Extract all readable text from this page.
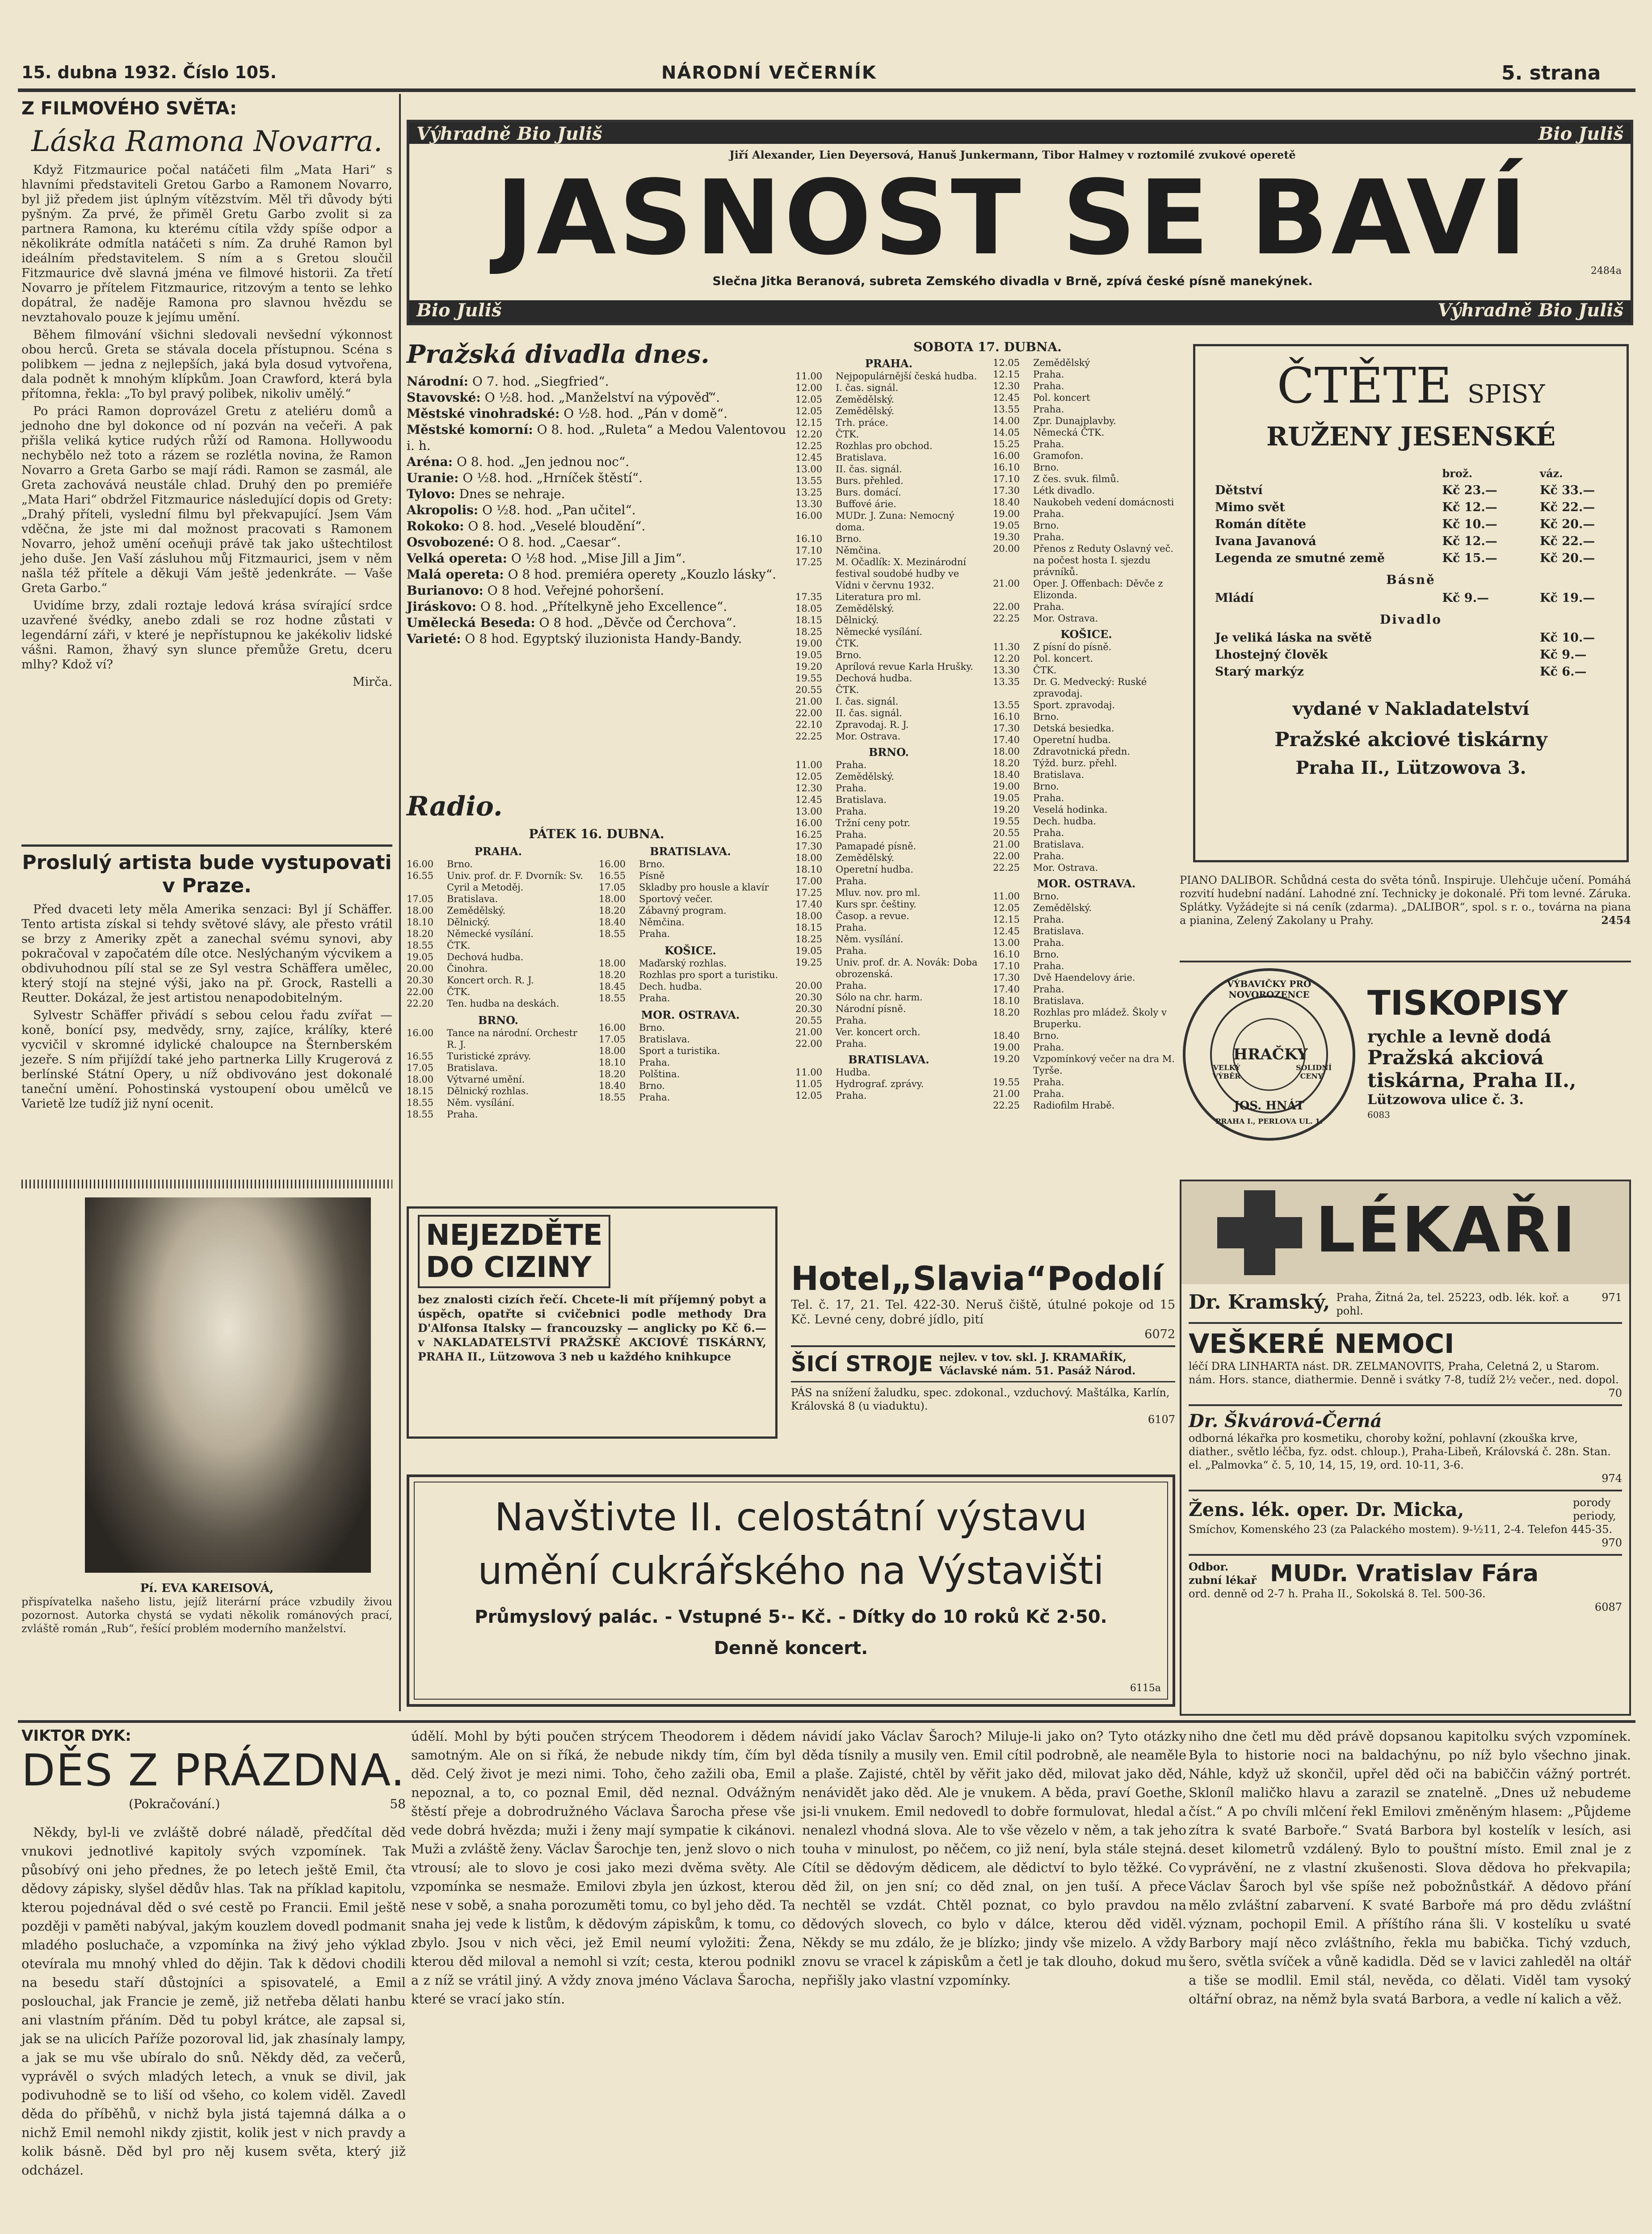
15. dubna 1932. Číslo 105.	NÁRODNÍ VEČERNÍK	5. strana
Z FILMOVÉHO SVĚTA:
Láska Ramona Novarra.

Když Fitzmaurice počal natáčeti film „Mata Hari“ s hlavními představiteli Gretou Garbo a Ramonem Novarro, byl již předem jist úplným vítězstvím. Měl tři důvody býti pyšným. Za prvé, že přiměl Gretu Garbo zvolit si za partnera Ramona, ku kterému cítila vždy spíše odpor a několikráte odmítla natáčeti s ním. Za druhé Ramon byl ideálním představitelem. S ním a s Gretou sloučil Fitzmaurice dvě slavná jména ve filmové historii. Za třetí Novarro je přítelem Fitzmaurice, ritzovým a tento se lehko dopátral, že naděje Ramona pro slavnou hvězdu se nevztahovalo pouze k jejímu umění.

Během filmování všichni sledovali nevšední výkonnost obou herců. Greta se stávala docela přístupnou. Scéna s polibkem — jedna z nejlepších, jaká byla dosud vytvořena, dala podnět k mnohým klípkům. Joan Crawford, která byla přítomna, řekla: „To byl pravý polibek, nikoliv umělý.“

Po práci Ramon doprovázel Gretu z ateliéru domů a jednoho dne byl dokonce od ní pozván na večeři. A pak přišla veliká kytice rudých růží od Ramona. Hollywoodu nechybělo než toto a rázem se rozlétla novina, že Ramon Novarro a Greta Garbo se mají rádi. Ramon se zasmál, ale Greta zachovává neustále chlad. Druhý den po premiéře „Mata Hari“ obdržel Fitzmaurice následující dopis od Grety: „Drahý příteli, vyslední filmu byl překvapující. Jsem Vám vděčna, že jste mi dal možnost pracovati s Ramonem Novarro, jehož umění oceňuji právě tak jako uštechtilost jeho duše. Jen Vaší zásluhou můj Fitzmaurici, jsem v něm našla též přítele a děkuji Vám ještě jedenkráte. — Vaše Greta Garbo.“

Uvidíme brzy, zdali roztaje ledová krása svírající srdce uzavřené švédky, anebo zdali se roz hodne zůstati v legendární záři, v které je nepřístupnou ke jakékoliv lidské vášni. Ramon, žhavý syn slunce přemůže Gretu, dceru mlhy? Kdož ví?

Mirča.
Proslulý artista bude vystupovati
v Praze.

Před dvaceti lety měla Amerika senzaci: Byl jí Schäffer. Tento artista získal si tehdy světové slávy, ale přesto vrátil se brzy z Ameriky zpět a zanechal svému synovi, aby pokračoval v započatém díle otce. Neslýchaným výcvikem a obdivuhodnou pílí stal se ze Syl vestra Schäffera umělec, který stojí na stejné výši, jako na př. Grock, Rastelli a Reutter. Dokázal, že jest artistou nenapodobitelným.

Sylvestr Schäffer přivádí s sebou celou řadu zvířat — koně, bonící psy, medvědy, srny, zajíce, králíky, které vycvičil v skromné idylické chaloupce na Šternberském jezeře. S ním přijíždí také jeho partnerka Lilly Krugerová z berlínské Státní Opery, u níž obdivováno jest dokonalé taneční umění. Pohostinská vystoupení obou umělců ve Varietě lze tudíž již nyní ocenit.

Pí. EVA KAREISOVÁ,
přispívatelka našeho listu, jejíž literární práce vzbudily živou pozornost. Autorka chystá se vydati několik románových prací, zvláště román „Rub“, řešící problém moderního manželství.
Výhradně Bio Juliš	Bio Juliš
Jiří Alexander, Lien Deyersová, Hanuš Junkermann, Tibor Halmey v roztomilé zvukové operetě
JASNOST SE BAVÍ
Slečna Jitka Beranová, subreta Zemského divadla v Brně, zpívá české písně manekýnek.
2484a
Bio Juliš	Výhradně Bio Juliš
Pražská divadla dnes.
Národní: O 7. hod. „Siegfried“.
Stavovské: O ½8. hod. „Manželství na výpověď“.
Městské vinohradské: O ½8. hod. „Pán v domě“.
Městské komorní: O 8. hod. „Ruleta“ a Medou Valentovou i. h.
Aréna: O 8. hod. „Jen jednou noc“.
Uranie: O ½8. hod. „Hrníček štěstí“.
Tylovo: Dnes se nehraje.
Akropolis: O ½8. hod. „Pan učitel“.
Rokoko: O 8. hod. „Veselé bloudění“.
Osvobozené: O 8. hod. „Caesar“.
Velká opereta: O ½8 hod. „Mise Jill a Jim“.
Malá opereta: O 8 hod. premiéra operety „Kouzlo lásky“.
Burianovo: O 8 hod. Veřejné pohoršení.
Jiráskovo: O 8. hod. „Přítelkyně jeho Excellence“.
Umělecká Beseda: O 8 hod. „Děvče od Čerchova“.
Varieté: O 8 hod. Egyptský iluzionista Handy-Bandy.
Radio.
PÁTEK 16. DUBNA.
PRAHA.
16.00	Brno.
16.55	Univ. prof. dr. F. Dvorník: Sv. Cyril a Metoděj.
17.05	Bratislava.
18.00	Zemědělský.
18.10	Dělnický.
18.20	Německé vysílání.
18.55	ČTK.
19.05	Dechová hudba.
20.00	Činohra.
20.30	Koncert orch. R. J.
22.00	ČTK.
22.20	Ten. hudba na deskách.
BRNO.
16.00	Tance na národní. Orchestr R. J.
16.55	Turistické zprávy.
17.05	Bratislava.
18.00	Výtvarné umění.
18.15	Dělnický rozhlas.
18.55	Něm. vysílání.
18.55	Praha.
BRATISLAVA.
16.00	Brno.
16.55	Písně
17.05	Skladby pro housle a klavír
18.00	Sportový večer.
18.20	Zábavný program.
18.40	Němčina.
18.55	Praha.
KOŠICE.
18.00	Maďarský rozhlas.
18.20	Rozhlas pro sport a turistiku.
18.45	Dech. hudba.
18.55	Praha.
MOR. OSTRAVA.
16.00	Brno.
17.05	Bratislava.
18.00	Sport a turistika.
18.10	Praha.
18.20	Polština.
18.40	Brno.
18.55	Praha.
SOBOTA 17. DUBNA.
PRAHA.
11.00	Nejpopulárnější česká hudba.
12.00	I. čas. signál.
12.05	Zemědělský.
12.05	Zemědělský.
12.15	Trh. práce.
12.20	ČTK.
12.25	Rozhlas pro obchod.
12.45	Bratislava.
13.00	II. čas. signál.
13.55	Burs. přehled.
13.25	Burs. domácí.
13.30	Buffové árie.
16.00	MUDr. J. Zuna: Nemocný doma.
16.10	Brno.
17.10	Němčina.
17.25	M. Očadlík: X. Mezinárodní festival soudobé hudby ve Vídni v červnu 1932.
17.35	Literatura pro ml.
18.05	Zemědělský.
18.15	Dělnický.
18.25	Německé vysílání.
19.00	ČTK.
19.05	Brno.
19.20	Aprílová revue Karla Hrušky.
19.55	Dechová hudba.
20.55	ČTK.
21.00	I. čas. signál.
22.00	II. čas. signál.
22.10	Zpravodaj. R. J.
22.25	Mor. Ostrava.
BRNO.
11.00	Praha.
12.05	Zemědělský.
12.30	Praha.
12.45	Bratislava.
13.00	Praha.
16.00	Tržní ceny potr.
16.25	Praha.
17.30	Pamapadé písně.
18.00	Zemědělský.
18.10	Operetní hudba.
17.00	Praha.
17.25	Mluv. nov. pro ml.
17.40	Kurs spr. češtiny.
18.00	Časop. a revue.
18.15	Praha.
18.25	Něm. vysílání.
19.05	Praha.
19.25	Univ. prof. dr. A. Novák: Doba obrozenská.
20.00	Praha.
20.30	Sólo na chr. harm.
20.30	Národní písně.
20.55	Praha.
21.00	Ver. koncert orch.
22.00	Praha.
BRATISLAVA.
11.00	Hudba.
11.05	Hydrograf. zprávy.
12.05	Praha.
12.05	Zemědělský
12.15	Praha.
12.30	Praha.
12.45	Pol. koncert
13.55	Praha.
14.00	Zpr. Dunajplavby.
14.05	Německá ČTK.
15.25	Praha.
16.00	Gramofon.
16.10	Brno.
17.10	Z čes. svuk. filmů.
17.30	Létk divadlo.
18.40	Naukobeh vedení domácnosti
19.00	Praha.
19.05	Brno.
19.30	Praha.
20.00	Přenos z Reduty Oslavný več. na počest hosta I. sjezdu právníků.
21.00	Oper. J. Offenbach: Děvče z Elizonda.
22.00	Praha.
22.25	Mor. Ostrava.
KOŠICE.
11.30	Z písní do písně.
12.20	Pol. koncert.
13.30	ČTK.
13.35	Dr. G. Medvecký: Ruské zpravodaj.
13.55	Sport. zpravodaj.
16.10	Brno.
17.30	Detská besiedka.
17.40	Operetní hudba.
18.00	Zdravotnická předn.
18.20	Týžd. burz. přehl.
18.40	Bratislava.
19.00	Brno.
19.05	Praha.
19.20	Veselá hodinka.
19.55	Dech. hudba.
20.55	Praha.
21.00	Bratislava.
22.00	Praha.
22.25	Mor. Ostrava.
MOR. OSTRAVA.
11.00	Brno.
12.05	Zemědělský.
12.15	Praha.
12.45	Bratislava.
13.00	Praha.
16.10	Brno.
17.10	Praha.
17.30	Dvě Haendelovy árie.
17.40	Praha.
18.10	Bratislava.
18.20	Rozhlas pro mládež. Školy v Bruperku.
18.40	Brno.
19.00	Praha.
19.20	Vzpomínkový večer na dra M. Tyrše.
19.55	Praha.
21.00	Praha.
22.25	Radiofilm Hrabě.
ČTĚTE SPISY
RUŽENY JESENSKÉ
brož.	váz.
Dětství	Kč 23.—	Kč 33.—
Mimo svět	Kč 12.—	Kč 22.—
Román dítěte	Kč 10.—	Kč 20.—
Ivana Javanová	Kč 12.—	Kč 22.—
Legenda ze smutné země	Kč 15.—	Kč 20.—
Básně
Mládí	Kč 9.—	Kč 19.—
Divadlo
Je veliká láska na světě	Kč 10.—
Lhostejný člověk	Kč 9.—
Starý markýz	Kč 6.—
vydané v Nakladatelství
Pražské akciové tiskárny
Praha II., Lützowova 3.
PIANO DALIBOR. Schůdná cesta do světa tónů. Inspiruje. Ulehčuje učení. Pomáhá rozvití hudební nadání. Lahodné zní. Technicky je dokonalé. Při tom levné. Záruka. Splátky. Vyžádejte si ná ceník (zdarma). „DALIBOR“, spol. s r. o., továrna na piana a pianina, Zelený Zakolany u Prahy.	2454
VÝBAVIČKY PRO NOVOROZENCE
HRAČKY
VELKÝ VÝBĚR
SOLIDNÍ CENY
JOS. HNÁT
PRAHA I., PERLOVA UL. 1.
TISKOPISY
rychle a levně dodá
Pražská akciová
tiskárna, Praha II.,
Lützowova ulice č. 3.
6083
LÉKAŘI
Dr. Kramský, Praha, Žitná 2a, tel. 25223, odb. lék. koř. a pohl.
971
VEŠKERÉ NEMOCI
léčí DRA LINHARTA nást. DR. ZELMANOVITS, Praha, Celetná 2, u Starom. nám. Hors. stance, diathermie. Denně i svátky 7-8, tudíž 2½ večer., ned. dopol.
70
Dr. Škvárová-Černá
odborná lékařka pro kosmetiku, choroby kožní, pohlavní (zkouška krve, diather., světlo léčba, fyz. odst. chloup.), Praha-Libeň, Královská č. 28n. Stan. el. „Palmovka“ č. 5, 10, 14, 15, 19, ord. 10-11, 3-6.
974
Žens. lék. oper. Dr. Micka,	porody periody,
Smíchov, Komenského 23 (za Palackého mostem). 9-½11, 2-4. Telefon 445-35.
970
Odbor. zubní lékař MUDr. Vratislav Fára
ord. denně od 2-7 h. Praha II., Sokolská 8. Tel. 500-36.
6087
NEJEZDĚTE
DO CIZINY
bez znalosti cizích řečí. Chcete-li mít příjemný pobyt a úspěch, opatřte si cvičebnici podle methody Dra D'Alfonsa Italsky — francouzsky — anglicky po Kč 6.— v NAKLADATELSTVÍ PRAŽSKÉ AKCIOVÉ TISKÁRNY, PRAHA II., Lützowova 3 neb u každého knihkupce
Hotel„Slavia“Podolí
Tel. č. 17, 21. Tel. 422-30. Neruš čiště, útulné pokoje od 15 Kč. Levné ceny, dobré jídlo, pití
6072
ŠICÍ STROJE nejlev. v tov. skl. J. KRAMAŘÍK, Václavské nám. 51. Pasáž Národ.
PÁS na snížení žaludku, spec. zdokonal., vzduchový. Maštálka, Karlín, Královská 8 (u viaduktu).
6107
Navštivte II. celostátní výstavu
umění cukrářského na Výstavišti
Průmyslový palác. - Vstupné 5·- Kč. - Dítky do 10 roků Kč 2·50.
Denně koncert.
6115a
VIKTOR DYK:
DĚS Z PRÁZDNA.
(Pokračování.)	58
Někdy, byl-li ve zvláště dobré náladě, předčítal děd vnukovi jednotlivé kapitoly svých vzpomínek. Tak působívý oni jeho přednes, že po letech ještě Emil, čta dědovy zápisky, slyšel dědův hlas. Tak na příklad kapitolu, kterou pojednával děd o své cestě po Francii. Emil ještě později v paměti nabýval, jakým kouzlem dovedl podmanit mladého posluchače, a vzpomínka na živý jeho výklad otevírala mu mnohý vhled do dějin. Tak k dědovi chodili na besedu staří důstojníci a spisovatelé, a Emil poslouchal, jak Francie je země, již netřeba dělati hanbu ani vlastním přáním. Děd tu pobyl krátce, ale zapsal si, jak se na ulicích Paříže pozoroval lid, jak zhasínaly lampy, a jak se mu vše ubíralo do snů. Někdy děd, za večerů, vyprávěl o svých mladých letech, a vnuk se divil, jak podivuhodně se to liší od všeho, co kolem viděl. Zavedl děda do příběhů, v nichž byla jistá tajemná dálka a o nichž Emil nemohl nikdy zjistit, kolik jest v nich pravdy a kolik básně. Děd byl pro něj kusem světa, který již odcházel.
údělí. Mohl by býti poučen strýcem Theodorem i dědem samotným. Ale on si říká, že nebude nikdy tím, čím byl děd. Celý život je mezi nimi. Toho, čeho zažili oba, Emil nepoznal, a to, co poznal Emil, děd neznal. Odvážným štěstí přeje a dobrodružného Václava Šarocha přese vše vede dobrá hvězda; muži i ženy mají sympatie k cikánovi. Muži a zvláště ženy. Václav Šarochje ten, jenž slovo o nich vtrousí; ale to slovo je cosi jako mezi dvěma světy. Ale vzpomínka se nesmaže. Emilovi zbyla jen úzkost, kterou nese v sobě, a snaha porozuměti tomu, co byl jeho děd. Ta snaha jej vede k listům, k dědovým zápiskům, k tomu, co zbylo. Jsou v nich věci, jež Emil neumí vyložiti: Žena, kterou děd miloval a nemohl si vzít; cesta, kterou podnikl a z níž se vrátil jiný. A vždy znova jméno Václava Šarocha, které se vrací jako stín.
návidí jako Václav Šaroch? Miluje-li jako on? Tyto otázky děda tísnily a musily ven. Emil cítil podrobně, ale neaměle a plaše. Zajisté, chtěl by věřit jako děd, milovat jako děd, nenávidět jako děd. Ale je vnukem. A běda, praví Goethe, jsi-li vnukem. Emil nedovedl to dobře formulovat, hledal a nenalezl vhodná slova. Ale to vše vězelo v něm, a tak jeho touha v minulost, po něčem, co již není, byla stále stejná. Cítil se dědovým dědicem, ale dědictví to bylo těžké. Co děd žil, on jen sní; co děd znal, on jen tuší. A přece nechtěl se vzdát. Chtěl poznat, co bylo pravdou na dědových slovech, co bylo v dálce, kterou děd viděl. Někdy se mu zdálo, že je blízko; jindy vše mizelo. A vždy znovu se vracel k zápiskům a četl je tak dlouho, dokud mu nepřišly jako vlastní vzpomínky.
niho dne četl mu děd právě dopsanou kapitolku svých vzpomínek. Byla to historie noci na baldachýnu, po níž bylo všechno jinak. Náhle, když už skončil, upřel děd oči na babiččin vážný portrét. Skloníl maličko hlavu a zarazil se znatelně. „Dnes už nebudeme číst.“ A po chvíli mlčení řekl Emilovi změněným hlasem: „Půjdeme zítra k svaté Barboře.“ Svatá Barbora byl kostelík v lesích, asi deset kilometrů vzdálený. Bylo to pouštní místo. Emil znal je z vyprávění, ne z vlastní zkušenosti. Slova dědova ho překvapila; Václav Šaroch byl vše spíše než pobožnůstkář. A dědovo přání mělo zvláštní zabarvení. K svaté Barboře má pro dědu zvláštní význam, pochopil Emil. A příštího rána šli. V kostelíku u svaté Barbory mají něco zvláštního, řekla mu babička. Tichý vzduch, šero, světla svíček a vůně kadidla. Děd se v lavici zahleděl na oltář a tiše se modlil. Emil stál, nevěda, co dělati. Viděl tam vysoký oltářní obraz, na němž byla svatá Barbora, a vedle ní kalich a věž.
